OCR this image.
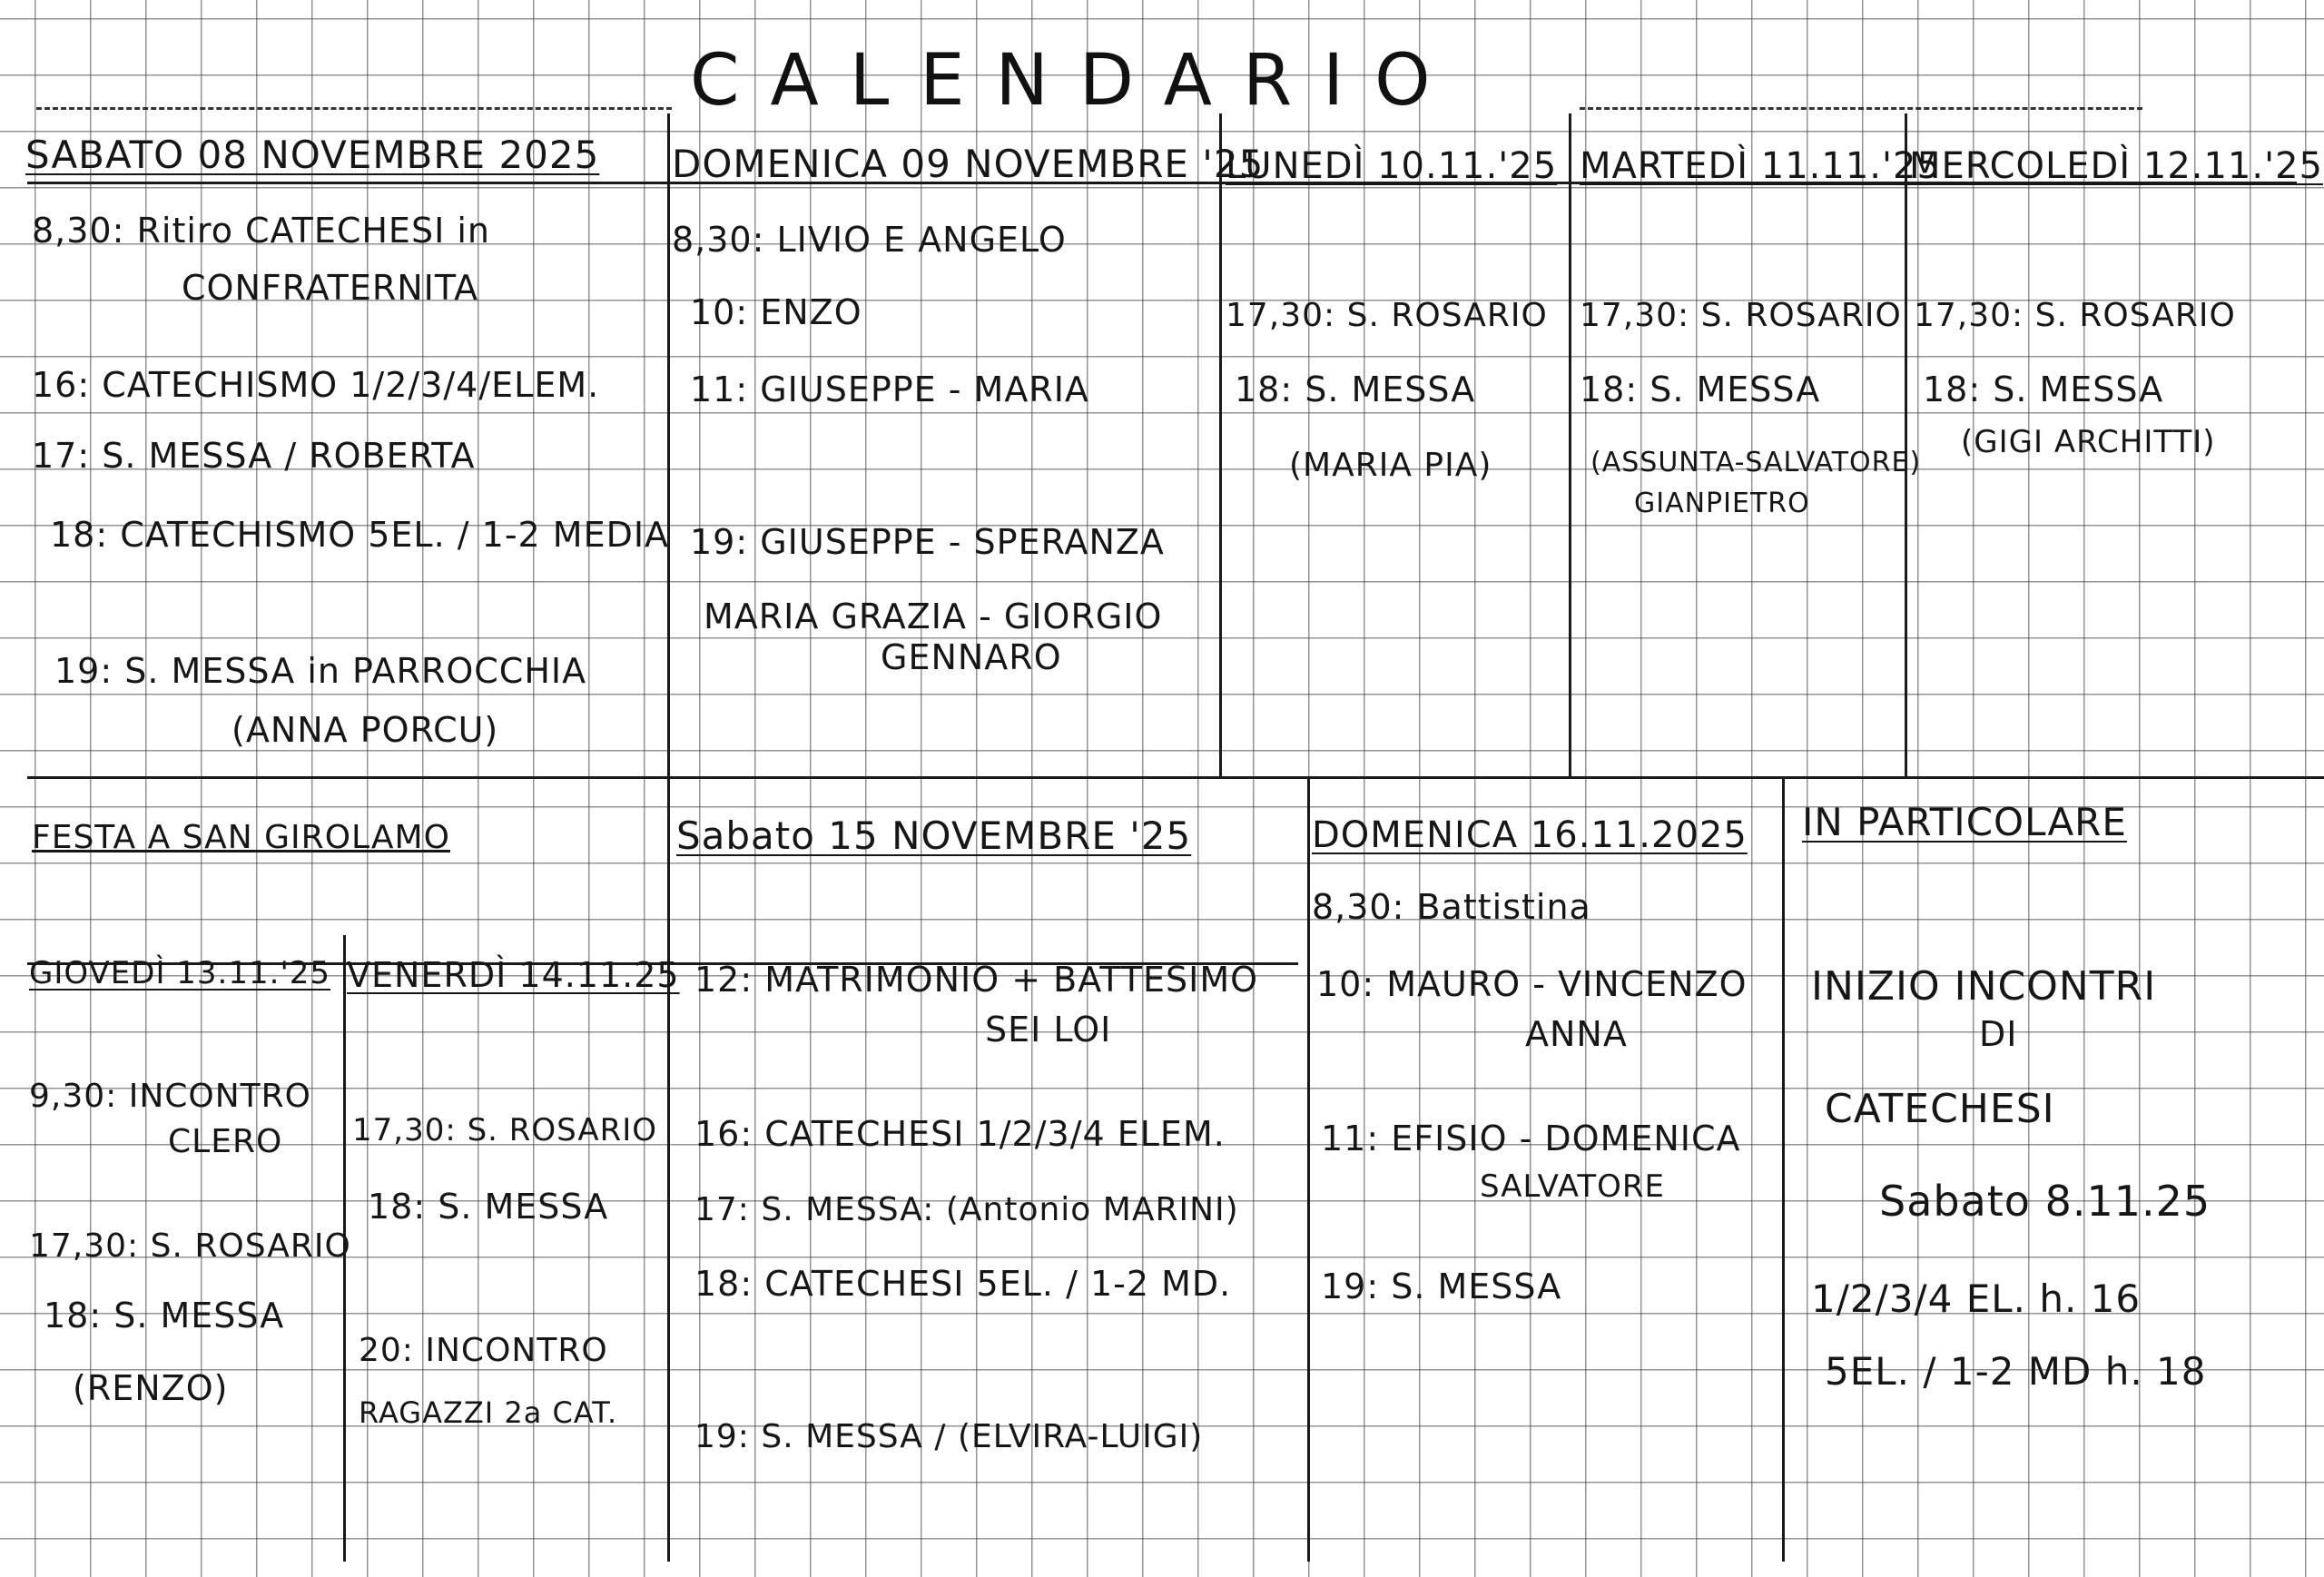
CALENDARIO
SABATO 08 NOVEMBRE 2025
8,30: Ritiro CATECHESI in
CONFRATERNITA
16: CATECHISMO 1/2/3/4/ELEM.
17: S. MESSA / ROBERTA
18: CATECHISMO 5EL. / 1-2 MEDIA
19: S. MESSA in PARROCCHIA
(ANNA PORCU)
DOMENICA 09 NOVEMBRE '25
8,30: LIVIO E ANGELO
10: ENZO
11: GIUSEPPE - MARIA
19: GIUSEPPE - SPERANZA
MARIA GRAZIA - GIORGIO
GENNARO
LUNEDÌ 10.11.'25
17,30: S. ROSARIO
18: S. MESSA
(MARIA PIA)
MARTEDÌ 11.11.'25
17,30: S. ROSARIO
18: S. MESSA
(ASSUNTA-SALVATORE)
GIANPIETRO
MERCOLEDÌ 12.11.'25
17,30: S. ROSARIO
18: S. MESSA
(GIGI ARCHITTI)
FESTA A SAN GIROLAMO
GIOVEDÌ 13.11.'25
9,30: INCONTRO
CLERO
17,30: S. ROSARIO
18: S. MESSA
(RENZO)
VENERDÌ 14.11.25
17,30: S. ROSARIO
18: S. MESSA
20: INCONTRO
RAGAZZI 2a CAT.
Sabato 15 NOVEMBRE '25
12: MATRIMONIO + BATTESIMO
SEI LOI
16: CATECHESI 1/2/3/4 ELEM.
17: S. MESSA: (Antonio MARINI)
18: CATECHESI 5EL. / 1-2 MD.
19: S. MESSA / (ELVIRA-LUIGI)
DOMENICA 16.11.2025
8,30: Battistina
10: MAURO - VINCENZO
ANNA
11: EFISIO - DOMENICA
SALVATORE
19: S. MESSA
IN PARTICOLARE
INIZIO INCONTRI
DI
CATECHESI
Sabato 8.11.25
1/2/3/4 EL. h. 16
5EL. / 1-2 MD h. 18
